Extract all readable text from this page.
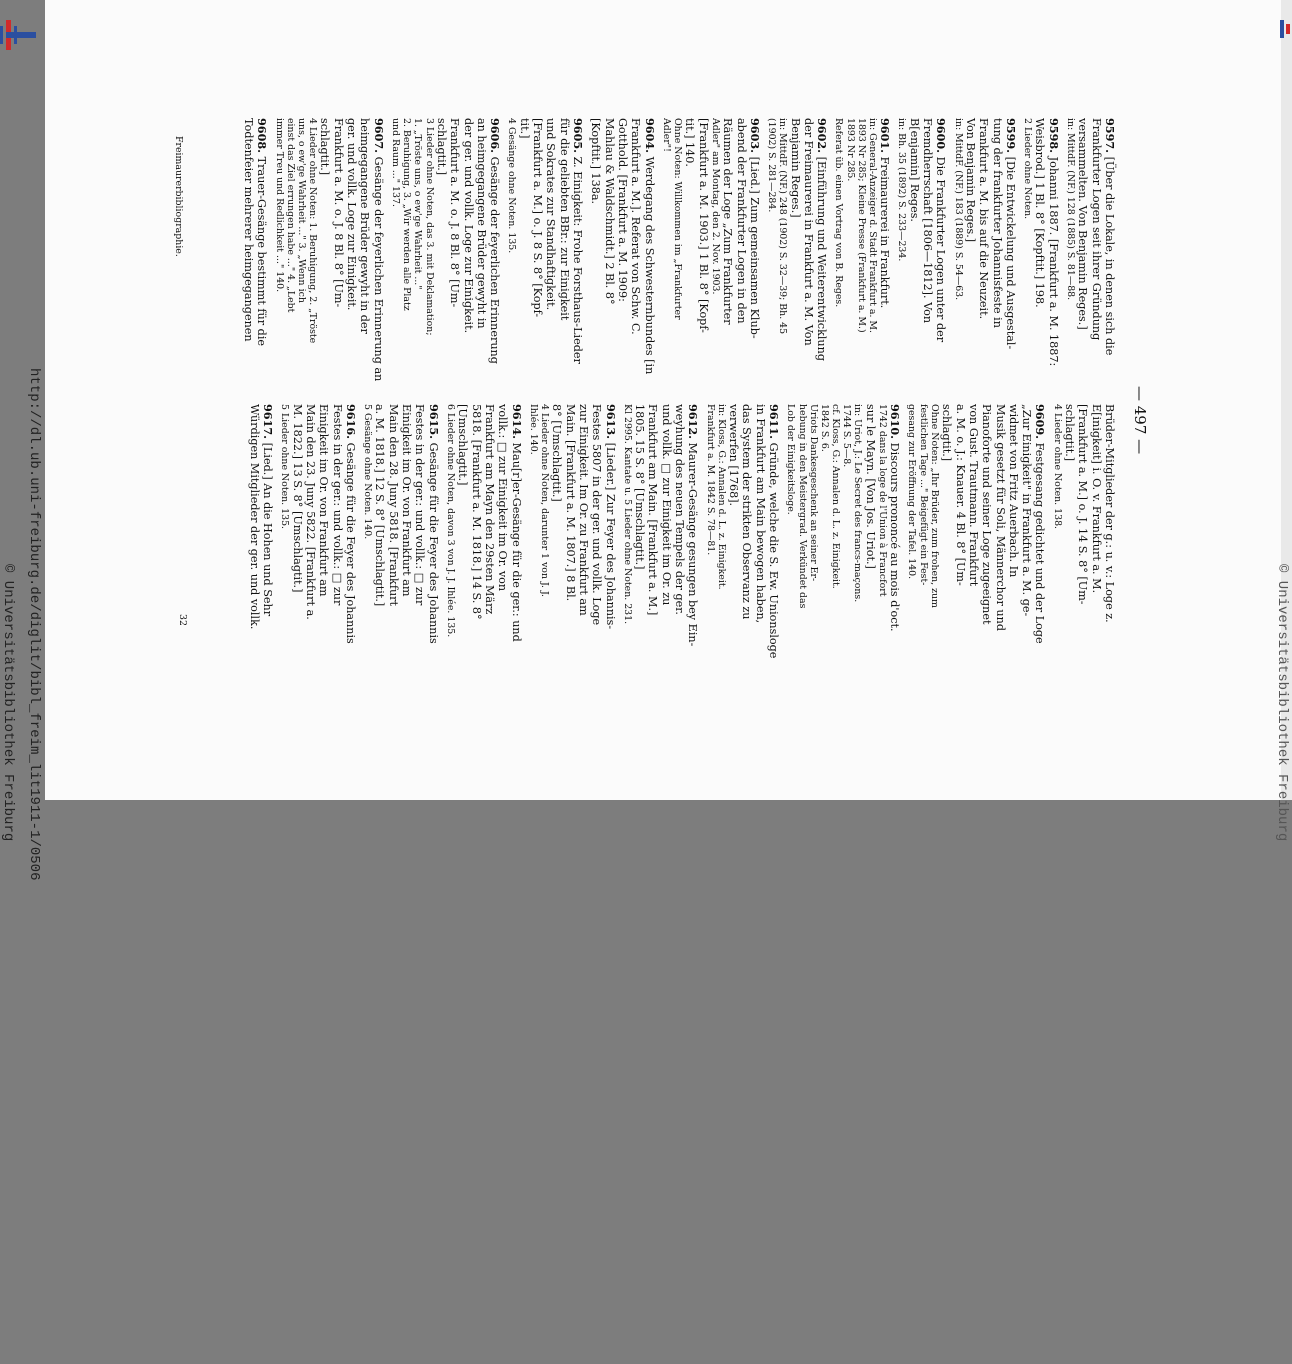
http://dl.ub.uni-freiburg.de/diglit/bibl_freim_lit1911-1/0506
© Universitätsbibliothek Freiburg	© Universitätsbibliothek Freiburg
— 497 —
9597. [Über die Lokale, in denen sich die
Frankfurter Logen seit ihrer Gründung
versammelten. Von Benjamin Reges.]
in: MittdF. (NF.) 128 (1885) S. 81—88.
9598. Johanni 1887. [Frankfurt a. M. 1887:
Weisbrod.] 1 Bl. 8° [Kopftit.] 198.
2 Lieder ohne Noten.
9599. [Die Entwickelung und Ausgestal-
tung der frankfurter Johannisfeste in
Frankfurt a. M. bis auf die Neuzeit.
Von Benjamin Reges.]
in: MittdF. (NF.) 183 (1889) S. 54—63.
9600. Die Frankfurter Logen unter der
Fremdherrschaft [1806—1812]. Von
B[enjamin] Reges.
in: Bh. 35 (1892) S. 233—234.
9601. Freimaurerei in Frankfurt.
in: General-Anzeiger d. Stadt Frankfurt a. M.
1893 Nr 285; Kleine Presse (Frankfurt a. M.)
1893 Nr 285.
Referat üb. einen Vortrag von B. Reges.
9602. [Einführung und Weiterentwicklung
der Freimaurerei in Frankfurt a. M. Von
Benjamin Reges.]
in: MittdF. (NF.) 248 (1902) S. 32—39; Bh. 45
(1902) S. 281—284.
9603. [Lied.] Zum gemeinsamen Klub-
abend der Frankfurter Logen in den
Räumen der Loge „Zum Frankfurter
Adler" am Montag, den 2. Nov. 1903.
[Frankfurt a. M. 1903.] 1 Bl. 8° [Kopf-
tit.] 140.
Ohne Noten: Willkommen im „Frankfurter
Adler"!
9604. Werdegang des Schwesternbundes [in
Frankfurt a. M.]. Referat von Schw. C.
Gotthold. [Frankfurt a. M. 1909:
Mahlau & Waldschmidt.] 2 Bl. 8°
[Kopftit.] 138a.
9605. Z. Einigkeit: Frohe Forsthaus-Lieder
für die geliebten BBr.: zur Einigkeit
und Sokrates zur Standhaftigkeit.
[Frankfurt a. M.] o. J. 8 S. 8° [Kopf-
tit.]
4 Gesänge ohne Noten. 135.
9606. Gesänge der feyerlichen Erinnerung
an heimgegangene Brüder gewyht in
der ger. und vollk. Loge zur Einigkeit.
Frankfurt a. M. o. J. 8 Bl. 8° [Um-
schlagtit.]
3 Lieder ohne Noten, das 3. mit Deklamation;
1. „Tröste uns, o ew'ge Wahrheit ..."
2. Beruhigung, 3. „Wir werden alle Platz
und Raum ..." 137.
9607. Gesänge der feyerlichen Erinnerung an
heimgegangene Brüder gewyht in der
ger. und vollk. Loge zur Einigkeit.
Frankfurt a. M. o. J. 8 Bl. 8° [Um-
schlagtit.]
4 Lieder ohne Noten: 1. Beruhigung, 2. „Tröste
uns, o ew'ge Wahrheit ..." 3. „Wenn ich
einst das Ziel errungen habe ..." 4. „Lebt
immer Treu und Redlichkeit ..." 140.
9608. Trauer-Gesänge bestimmt für die
Todtenfeier mehrerer heimgegangenen
Brüder-Mitglieder der g.: u. v.: Loge z.
E[inigkeit] i. O. v. Frankfurt a. M.
[Frankfurt a. M.] o. J. 14 S. 8° [Um-
schlagtit.]
4 Lieder ohne Noten. 138.
9609. Festgesang gedichtet und der Loge
„Zur Einigkeit" in Frankfurt a. M. ge-
widmet von Fritz Auerbach. In
Musik gesetzt für Soli, Männerchor und
Pianoforte und seiner Loge zugeeignet
von Gust. Trautmann. Frankfurt
a. M. o. J.: Knauer. 4 Bl. 8° [Um-
schlagtit.]
Ohne Noten: „Ihr Brüder, zum frohen, zum
festlichen Tage ..." Beigefügt ein Fest-
gesang zur Eröffnung der Tafel. 140.
9610. Discours prononcé au mois d'oct.
1742 dans la loge de l'Union à Francfort
sur le Mayn. [Von Jos. Uriot.]
in: Uriot, J.: Le Secret des francs-maçons.
1744 S. 5—8.
cf. Kloss, G.: Annalen d. L. z. Einigkeit.
1842 S. 6.
Uriots Dankesgeschenk an seiner Er-
hebung in den Meistergrad. Verkündet das
Lob der Einigkeitsloge.
9611. Gründe, welche die S. Ew. Unionsloge
in Frankfurt am Main bewogen haben,
das System der strikten Observanz zu
verwerfen [1768].
in: Kloss, G.: Annalen d. L. z. Einigkeit.
Frankfurt a. M. 1842 S. 78—81.
9612. Maurer-Gesänge gesungen bey Ein-
weyhung des neuen Tempels der ger.
und vollk. □ zur Einigkeit im Or. zu
Frankfurt am Main. [Frankfurt a. M.]
1805. 15 S. 8° [Umschlagtit.]
Kl 2995. Kantate u. 5 Lieder ohne Noten. 231.
9613. [Lieder.] Zur Feyer des Johannis-
Festes 5807 in der ger. und vollk. Loge
zur Einigkeit. Im Or. zu Frankfurt am
Main. [Frankfurt a. M. 1807.] 8 Bl.
8° [Umschlagtit.]
4 Lieder ohne Noten, darunter 1 von J. J.
Ihlée. 140.
9614. Mau[r]er-Gesänge für die ger.: und
vollk.: □ zur Einigkeit im Or. von
Frankfurt am Mayn den 29sten März
5818. [Frankfurt a. M. 1818.] 14 S. 8°
[Umschlagtit.]
6 Lieder ohne Noten, davon 3 von J. J. Ihlée. 135.
9615. Gesänge für die Feyer des Johannis
Festes in der ger.: und vollk.: □ zur
Einigkeit im Or. von Frankfurt am
Main den 28. Juny 5818. [Frankfurt
a. M. 1818.] 12 S. 8° [Umschlagtit.]
5 Gesänge ohne Noten. 140.
9616. Gesänge für die Feyer des Johannis
Festes in der ger.: und vollk.: □ zur
Einigkeit im Or. von Frankfurt am
Main den 23. Juny 5822. [Frankfurt a.
M. 1822.] 13 S. 8° [Umschlagtit.]
5 Lieder ohne Noten. 135.
9617. [Lied.] An die Hohen und Sehr
Würdigen Mitglieder der ger. und vollk.
Freimaurerbibliographie.
32
